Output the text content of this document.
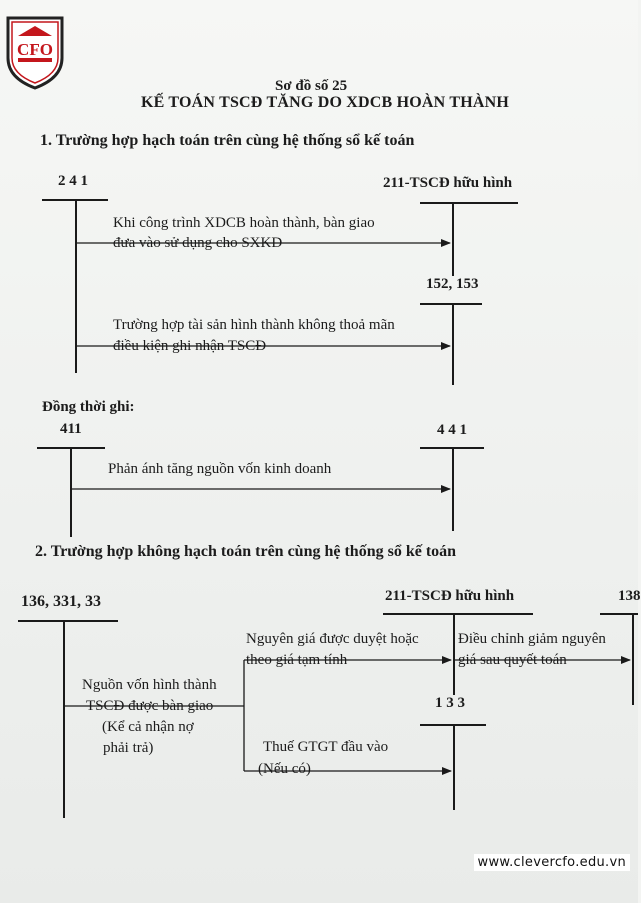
CFO
Sơ đồ số 25
KẾ TOÁN TSCĐ TĂNG DO XDCB HOÀN THÀNH
1. Trường hợp hạch toán trên cùng hệ thống sổ kế toán
2 4 1	211-TSCĐ hữu hình
Khi công trình XDCB hoàn thành, bàn giao
đưa vào sử dụng cho SXKD
152, 153
Trường hợp tài sản hình thành không thoả mãn
điều kiện ghi nhận TSCĐ
Đồng thời ghi:
411	4 4 1
Phản ánh tăng nguồn vốn kinh doanh
2. Trường hợp không hạch toán trên cùng hệ thống sổ kế toán
136, 331, 33	211-TSCĐ hữu hình	138
Nguyên giá được duyệt hoặc
theo giá tạm tính
Điều chỉnh giảm nguyên
giá sau quyết toán
Nguồn vốn hình thành
TSCĐ được bàn giao
(Kể cả nhận nợ
phải trả)
1 3 3
Thuế GTGT đầu vào
(Nếu có)
www.clevercfo.edu.vn
